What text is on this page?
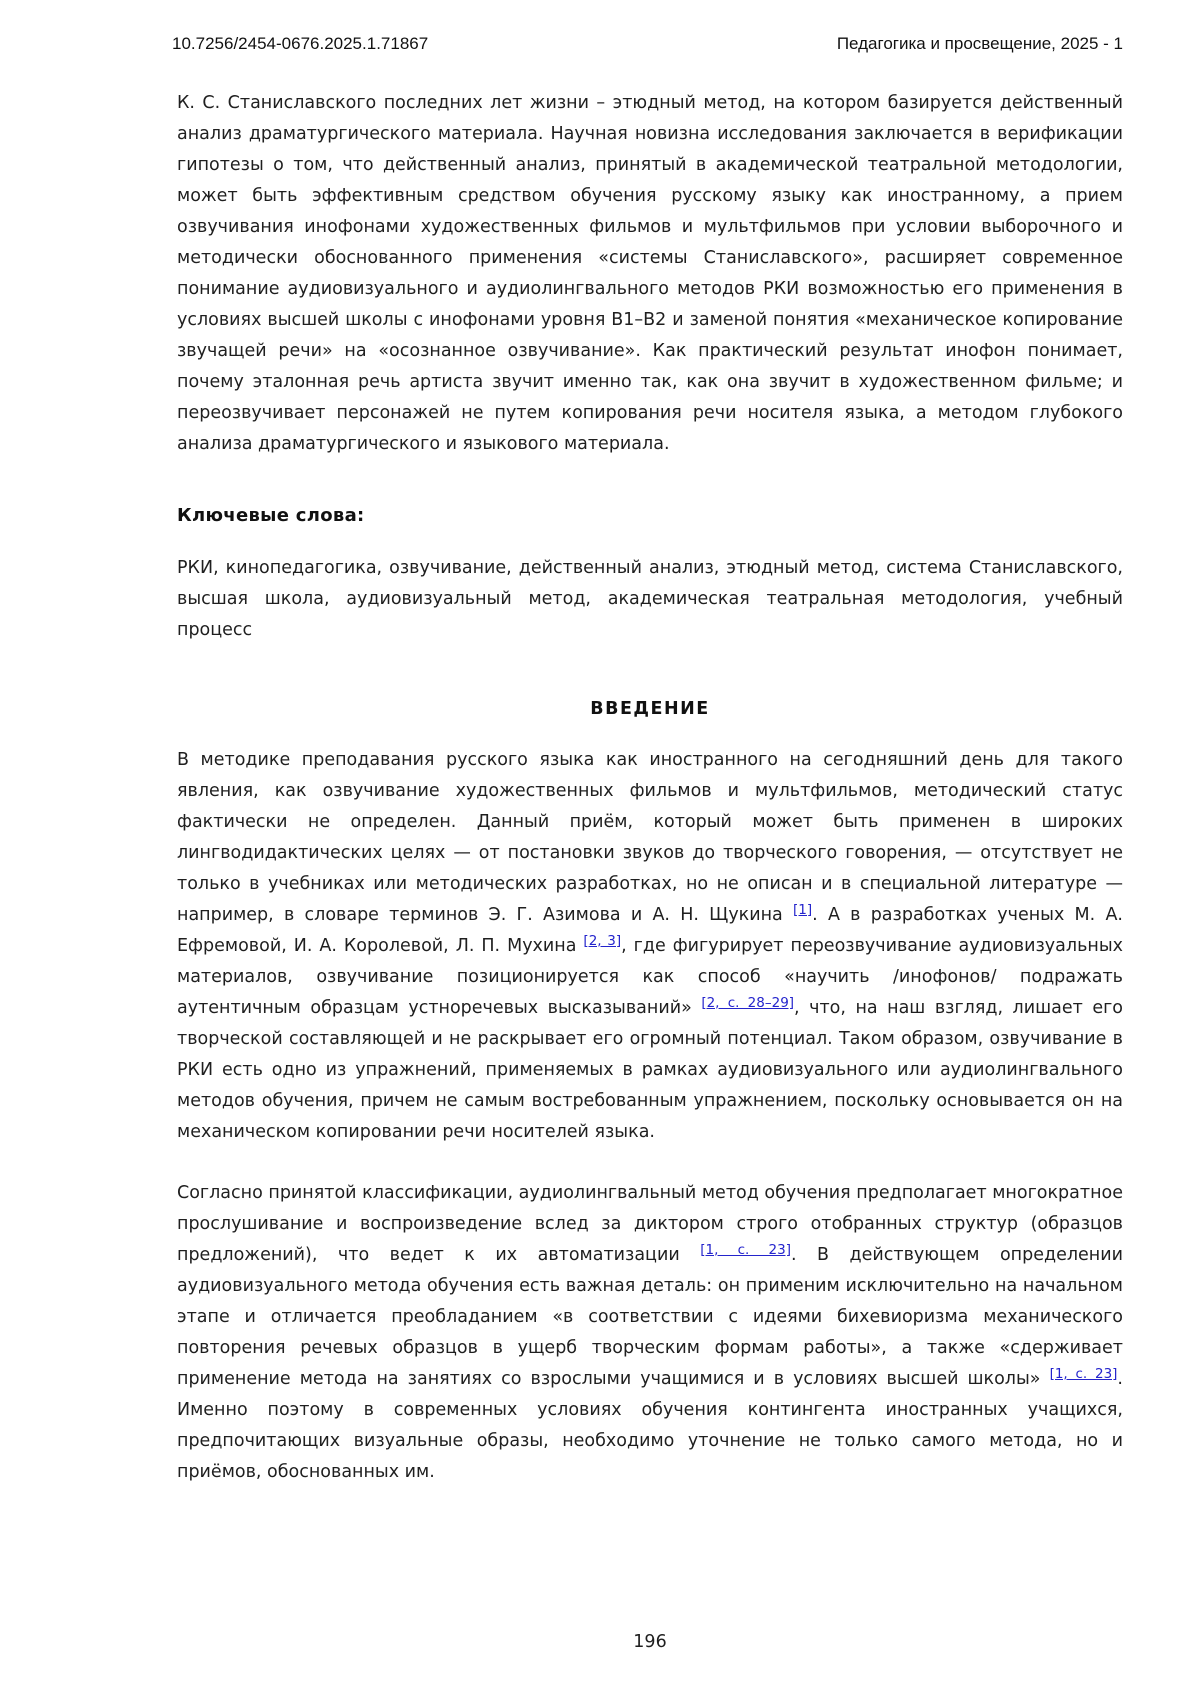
10.7256/2454-0676.2025.1.71867	Педагогика и просвещение, 2025 - 1

К. С. Станиславского последних лет жизни – этюдный метод, на котором базируется действенный анализ драматургического материала. Научная новизна исследования заключается в верификации гипотезы о том, что действенный анализ, принятый в академической театральной методологии, может быть эффективным средством обучения русскому языку как иностранному, а прием озвучивания инофонами художественных фильмов и мультфильмов при условии выборочного и методически обоснованного применения «системы Станиславского», расширяет современное понимание аудиовизуального и аудиолингвального методов РКИ возможностью его применения в условиях высшей школы с инофонами уровня В1–В2 и заменой понятия «механическое копирование звучащей речи» на «осознанное озвучивание». Как практический результат инофон понимает, почему эталонная речь артиста звучит именно так, как она звучит в художественном фильме; и переозвучивает персонажей не путем копирования речи носителя языка, а методом глубокого анализа драматургического и языкового материала.

Ключевые слова:

РКИ, кинопедагогика, озвучивание, действенный анализ, этюдный метод, система Станиславского, высшая школа, аудиовизуальный метод, академическая театральная методология, учебный процесс

ВВЕДЕНИЕ

В методике преподавания русского языка как иностранного на сегодняшний день для такого явления, как озвучивание художественных фильмов и мультфильмов, методический статус фактически не определен. Данный приём, который может быть применен в широких лингводидактических целях — от постановки звуков до творческого говорения, — отсутствует не только в учебниках или методических разработках, но не описан и в специальной литературе — например, в словаре терминов Э. Г. Азимова и А. Н. Щукина [1]. А в разработках ученых М. А. Ефремовой, И. А. Королевой, Л. П. Мухина [2, 3], где фигурирует переозвучивание аудиовизуальных материалов, озвучивание позиционируется как способ «научить /инофонов/ подражать аутентичным образцам устноречевых высказываний» [2, с. 28–29], что, на наш взгляд, лишает его творческой составляющей и не раскрывает его огромный потенциал. Таком образом, озвучивание в РКИ есть одно из упражнений, применяемых в рамках аудиовизуального или аудиолингвального методов обучения, причем не самым востребованным упражнением, поскольку основывается он на механическом копировании речи носителей языка.

Согласно принятой классификации, аудиолингвальный метод обучения предполагает многократное прослушивание и воспроизведение вслед за диктором строго отобранных структур (образцов предложений), что ведет к их автоматизации [1, с. 23]. В действующем определении аудиовизуального метода обучения есть важная деталь: он применим исключительно на начальном этапе и отличается преобладанием «в соответствии с идеями бихевиоризма механического повторения речевых образцов в ущерб творческим формам работы», а также «сдерживает применение метода на занятиях со взрослыми учащимися и в условиях высшей школы» [1, с. 23]. Именно поэтому в современных условиях обучения контингента иностранных учащихся, предпочитающих визуальные образы, необходимо уточнение не только самого метода, но и приёмов, обоснованных им.

196
